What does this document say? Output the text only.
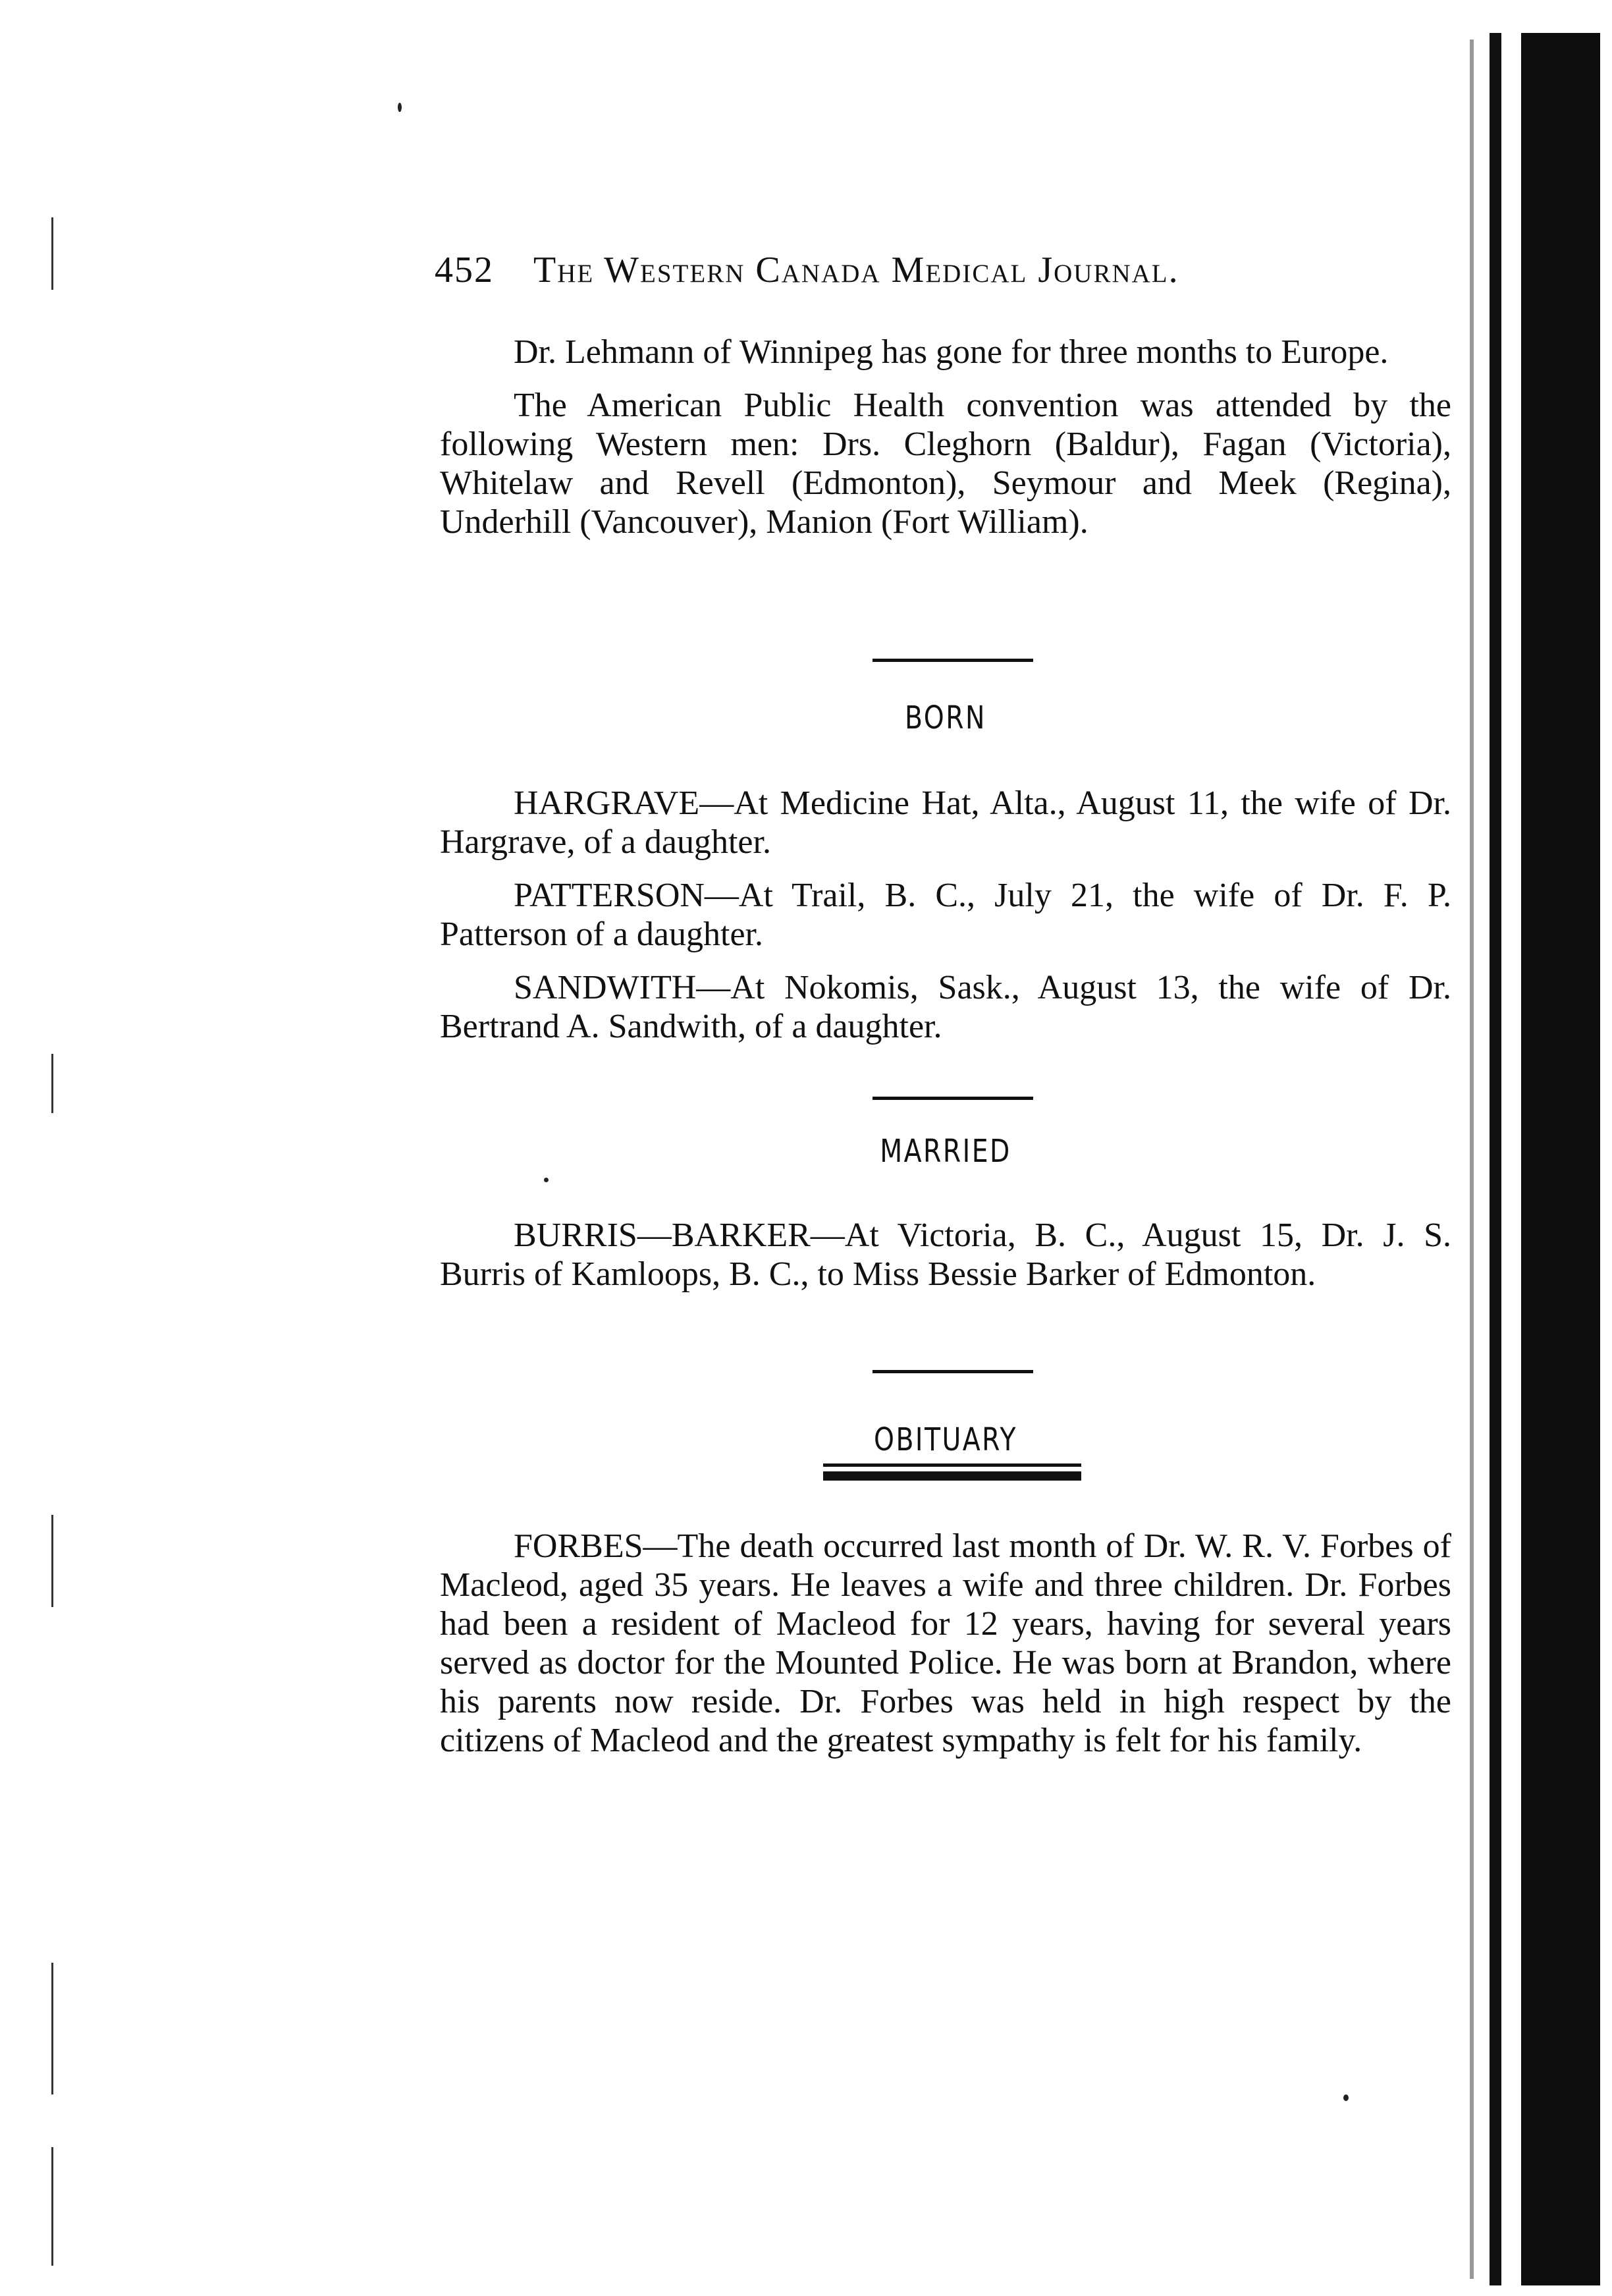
452 The Western Canada Medical Journal.

Dr. Lehmann of Winnipeg has gone for three months to Europe.

The American Public Health convention was attended by the following Western men: Drs. Cleghorn (Baldur), Fagan (Victoria), Whitelaw and Revell (Edmonton), Seymour and Meek (Regina), Underhill (Vancouver), Manion (Fort William).

BORN

HARGRAVE—At Medicine Hat, Alta., August 11, the wife of Dr. Hargrave, of a daughter.

PATTERSON—At Trail, B. C., July 21, the wife of Dr. F. P. Patterson of a daughter.

SANDWITH—At Nokomis, Sask., August 13, the wife of Dr. Bertrand A. Sandwith, of a daughter.

MARRIED

BURRIS—BARKER—At Victoria, B. C., August 15, Dr. J. S. Burris of Kamloops, B. C., to Miss Bessie Barker of Edmonton.

OBITUARY

FORBES—The death occurred last month of Dr. W. R. V. Forbes of Macleod, aged 35 years. He leaves a wife and three children. Dr. Forbes had been a resident of Macleod for 12 years, having for several years served as doctor for the Mounted Police. He was born at Brandon, where his parents now reside. Dr. Forbes was held in high respect by the citizens of Macleod and the greatest sympathy is felt for his family.
